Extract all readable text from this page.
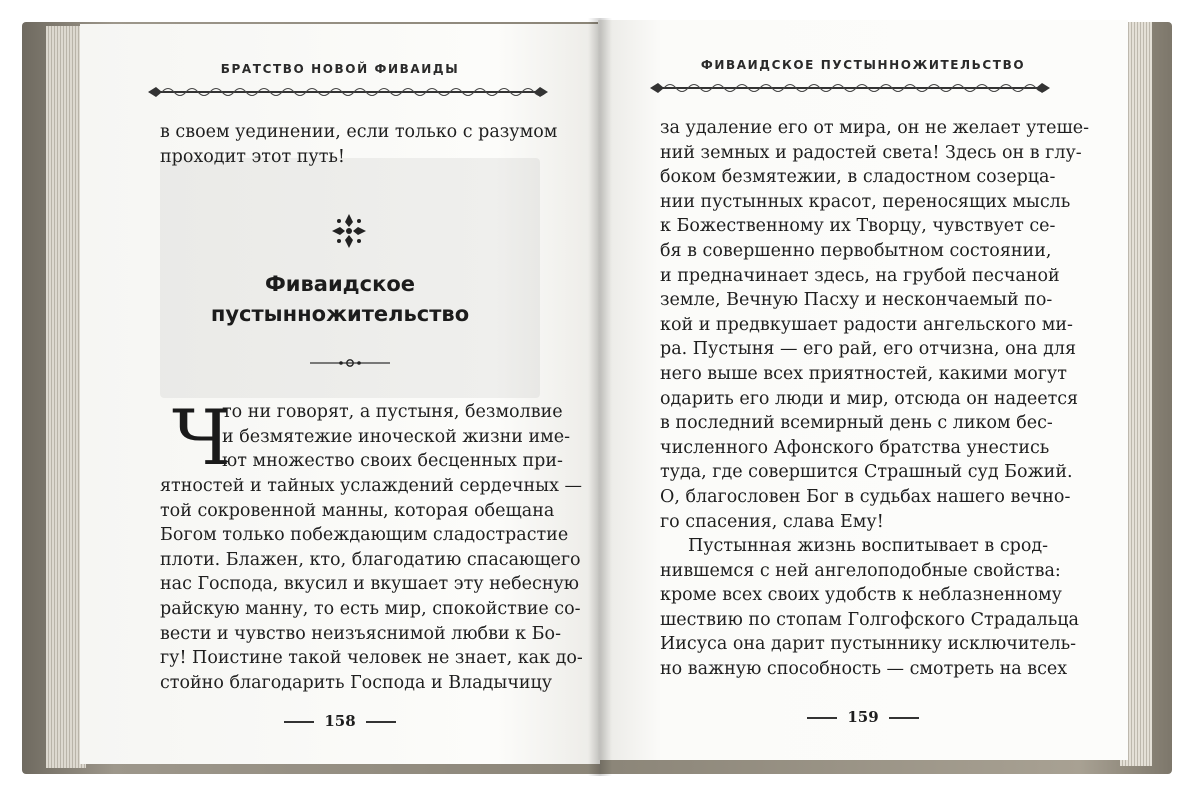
БРАТСТВО НОВОЙ ФИВАИДЫ
в своем уединении, если только с разумом
проходит этот путь!
Фиваидское
пустынножительство
Ч
то ни говорят, а пустыня, безмолвие
и безмятежие иноческой жизни име-
ют множество своих бесценных при-
ятностей и тайных услаждений сердечных —
той сокровенной манны, которая обещана
Богом только побеждающим сладострастие
плоти. Блажен, кто, благодатию спасающего
нас Господа, вкусил и вкушает эту небесную
райскую манну, то есть мир, спокойствие со-
вести и чувство неизъяснимой любви к Бо-
гу! Поистине такой человек не знает, как до-
стойно благодарить Господа и Владычицу
158
ФИВАИДСКОЕ ПУСТЫННОЖИТЕЛЬСТВО
за удаление его от мира, он не желает утеше-
ний земных и радостей света! Здесь он в глу-
боком безмятежии, в сладостном созерца-
нии пустынных красот, переносящих мысль
к Божественному их Творцу, чувствует се-
бя в совершенно первобытном состоянии,
и предначинает здесь, на грубой песчаной
земле, Вечную Пасху и нескончаемый по-
кой и предвкушает радости ангельского ми-
ра. Пустыня — его рай, его отчизна, она для
него выше всех приятностей, какими могут
одарить его люди и мир, отсюда он надеется
в последний всемирный день с ликом бес-
численного Афонского братства унестись
туда, где совершится Страшный суд Божий.
О, благословен Бог в судьбах нашего вечно-
го спасения, слава Ему!
Пустынная жизнь воспитывает в срод-
нившемся с ней ангелоподобные свойства:
кроме всех своих удобств к неблазненному
шествию по стопам Голгофского Страдальца
Иисуса она дарит пустыннику исключитель-
но важную способность — смотреть на всех
159
